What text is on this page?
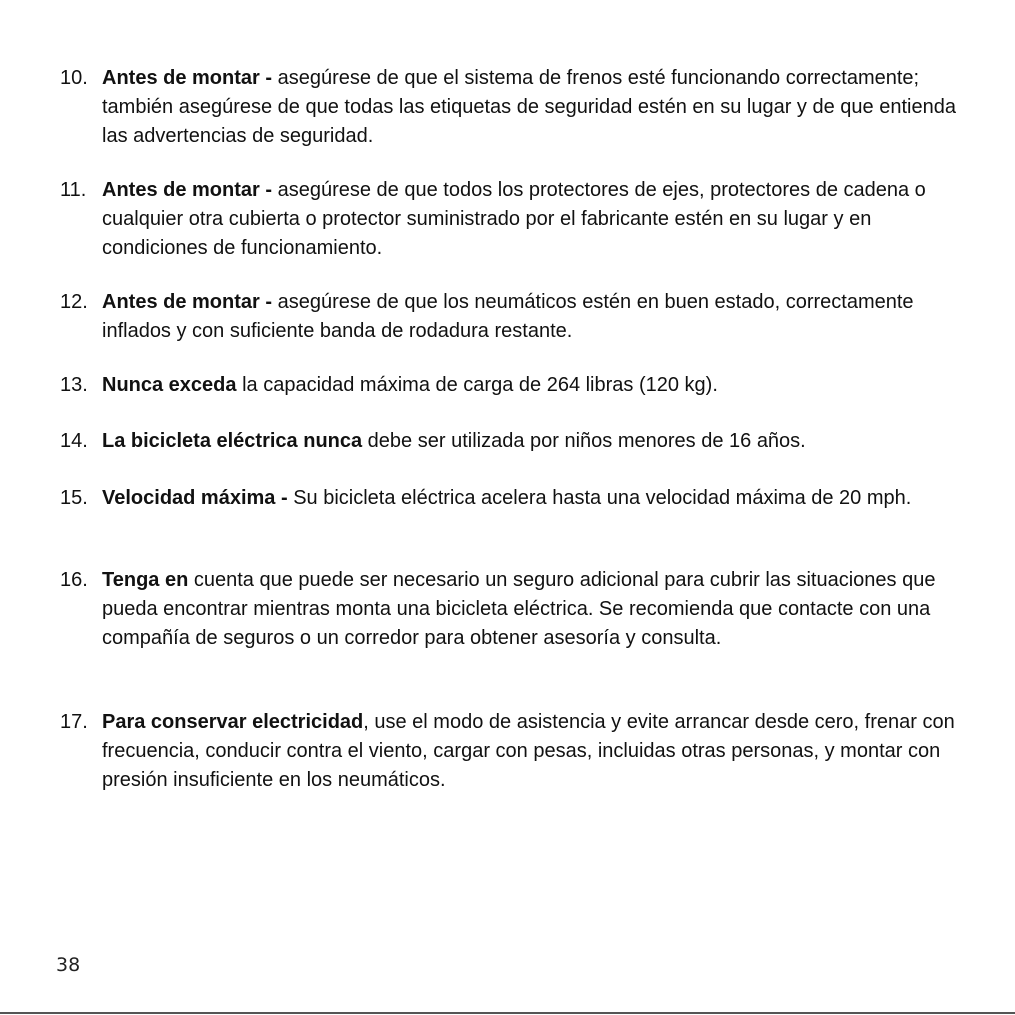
10. Antes de montar - asegúrese de que el sistema de frenos esté funcionando correctamente; también asegúrese de que todas las etiquetas de seguridad estén en su lugar y de que entienda las advertencias de seguridad.
11. Antes de montar - asegúrese de que todos los protectores de ejes, protectores de cadena o cualquier otra cubierta o protector suministrado por el fabricante estén en su lugar y en condiciones de funcionamiento.
12. Antes de montar - asegúrese de que los neumáticos estén en buen estado, correctamente inflados y con suficiente banda de rodadura restante.
13. Nunca exceda la capacidad máxima de carga de 264 libras (120 kg).
14. La bicicleta eléctrica nunca debe ser utilizada por niños menores de 16 años.
15. Velocidad máxima - Su bicicleta eléctrica acelera hasta una velocidad máxima de 20 mph.
16. Tenga en cuenta que puede ser necesario un seguro adicional para cubrir las situaciones que pueda encontrar mientras monta una bicicleta eléctrica. Se recomienda que contacte con una compañía de seguros o un corredor para obtener asesoría y consulta.
17. Para conservar electricidad, use el modo de asistencia y evite arrancar desde cero, frenar con frecuencia, conducir contra el viento, cargar con pesas, incluidas otras personas, y montar con presión insuficiente en los neumáticos.
38
